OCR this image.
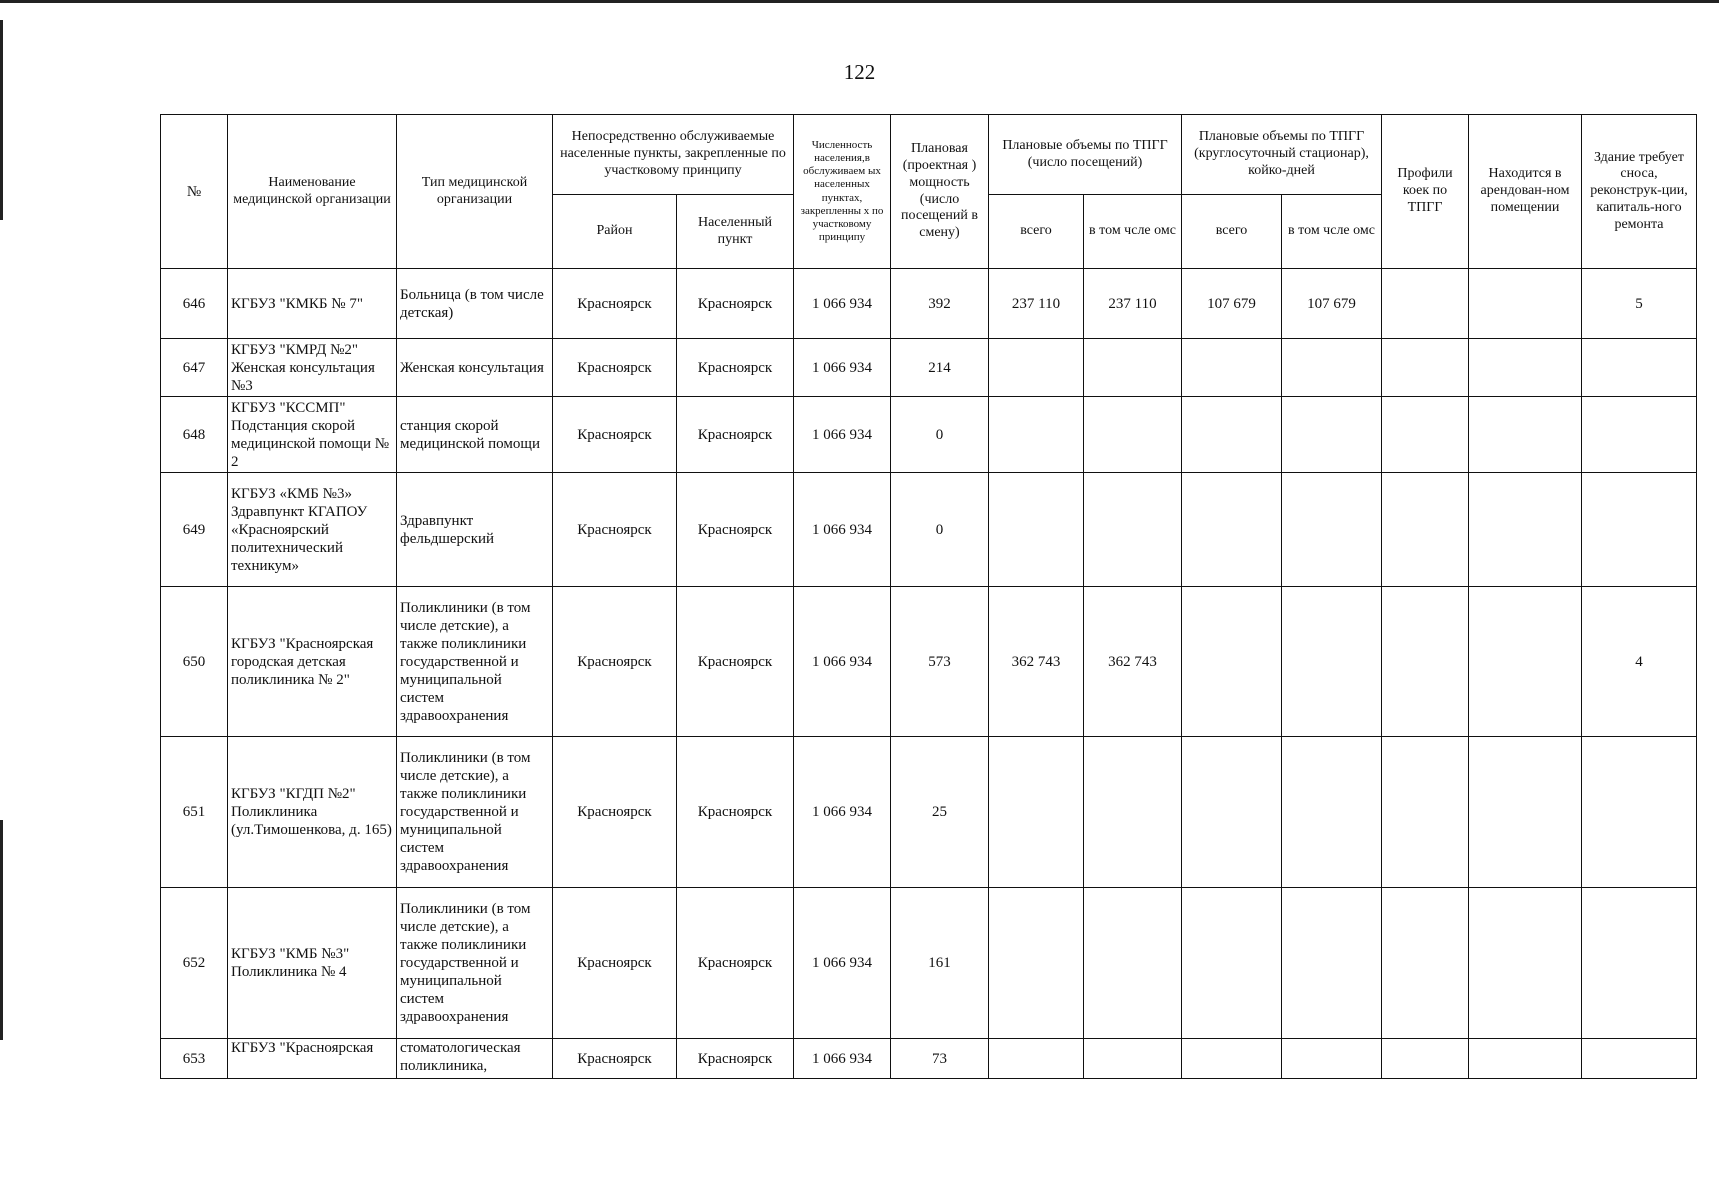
122
№	Наименование медицинской организации	Тип медицинской организации	Непосредственно обслуживаемые населенные пункты, закрепленные по участковому принципу		Численность населения,в обслуживаем ых населенных пунктах, закрепленны х по участковому принципу	Плановая (проектная ) мощность (число посещений в смену)	Плановые объемы по ТПГГ (число посещений)		Плановые объемы по ТПГГ (круглосуточный стационар), койко-дней		Профили коек по ТПГГ	Находится в арендован-ном помещении	Здание требует сноса, реконструк-ции, капиталь-ного ремонта
			Район	Населенный пункт			всего	в том чсле омс	всего	в том чсле омс			
646	КГБУЗ "КМКБ № 7"	Больница (в том числе детская)	Красноярск	Красноярск	1 066 934	392	237 110	237 110	107 679	107 679			5
647	КГБУЗ "КМРД №2" Женская консультация №3	Женская консультация	Красноярск	Красноярск	1 066 934	214							
648	КГБУЗ "КССМП" Подстанция скорой медицинской помощи № 2	станция скорой медицинской помощи	Красноярск	Красноярск	1 066 934	0							
649	КГБУЗ «КМБ №3» Здравпункт КГАПОУ «Красноярский политехнический техникум»	Здравпункт фельдшерский	Красноярск	Красноярск	1 066 934	0							
650	КГБУЗ "Красноярская городская детская поликлиника № 2"	Поликлиники (в том числе детские), а также поликлиники государственной и муниципальной систем здравоохранения	Красноярск	Красноярск	1 066 934	573	362 743	362 743					4
651	КГБУЗ "КГДП №2" Поликлиника (ул.Тимошенкова, д. 165)	Поликлиники (в том числе детские), а также поликлиники государственной и муниципальной систем здравоохранения	Красноярск	Красноярск	1 066 934	25							
652	КГБУЗ "КМБ №3" Поликлиника № 4	Поликлиники (в том числе детские), а также поликлиники государственной и муниципальной систем здравоохранения	Красноярск	Красноярск	1 066 934	161							
653	КГБУЗ "Красноярская	стоматологическая поликлиника,	Красноярск	Красноярск	1 066 934	73							
